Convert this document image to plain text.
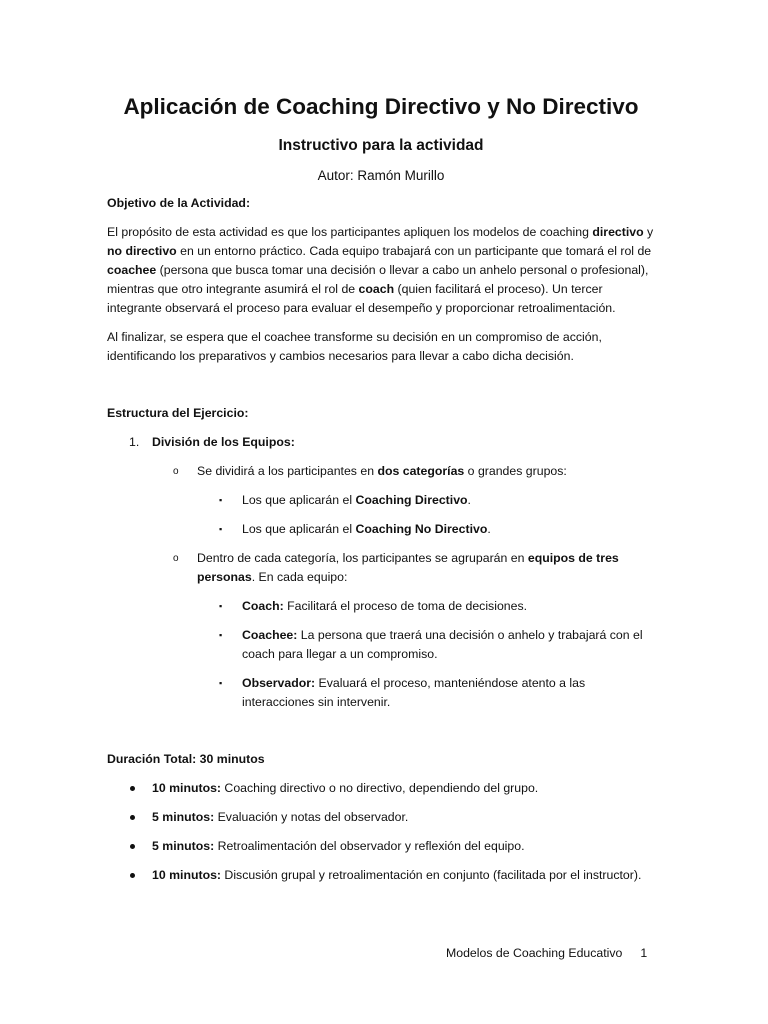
Aplicación de Coaching Directivo y No Directivo
Instructivo para la actividad
Autor: Ramón Murillo

Objetivo de la Actividad:

El propósito de esta actividad es que los participantes apliquen los modelos de coaching directivo y no directivo en un entorno práctico. Cada equipo trabajará con un participante que tomará el rol de coachee (persona que busca tomar una decisión o llevar a cabo un anhelo personal o profesional), mientras que otro integrante asumirá el rol de coach (quien facilitará el proceso). Un tercer integrante observará el proceso para evaluar el desempeño y proporcionar retroalimentación.

Al finalizar, se espera que el coachee transforme su decisión en un compromiso de acción, identificando los preparativos y cambios necesarios para llevar a cabo dicha decisión.

Estructura del Ejercicio:

1. División de los Equipos:
o Se dividirá a los participantes en dos categorías o grandes grupos:
▪ Los que aplicarán el Coaching Directivo.
▪ Los que aplicarán el Coaching No Directivo.
o Dentro de cada categoría, los participantes se agruparán en equipos de tres personas. En cada equipo:
▪ Coach: Facilitará el proceso de toma de decisiones.
▪ Coachee: La persona que traerá una decisión o anhelo y trabajará con el coach para llegar a un compromiso.
▪ Observador: Evaluará el proceso, manteniéndose atento a las interacciones sin intervenir.

Duración Total: 30 minutos

10 minutos: Coaching directivo o no directivo, dependiendo del grupo.
5 minutos: Evaluación y notas del observador.
5 minutos: Retroalimentación del observador y reflexión del equipo.
10 minutos: Discusión grupal y retroalimentación en conjunto (facilitada por el instructor).
Modelos de Coaching Educativo 1
